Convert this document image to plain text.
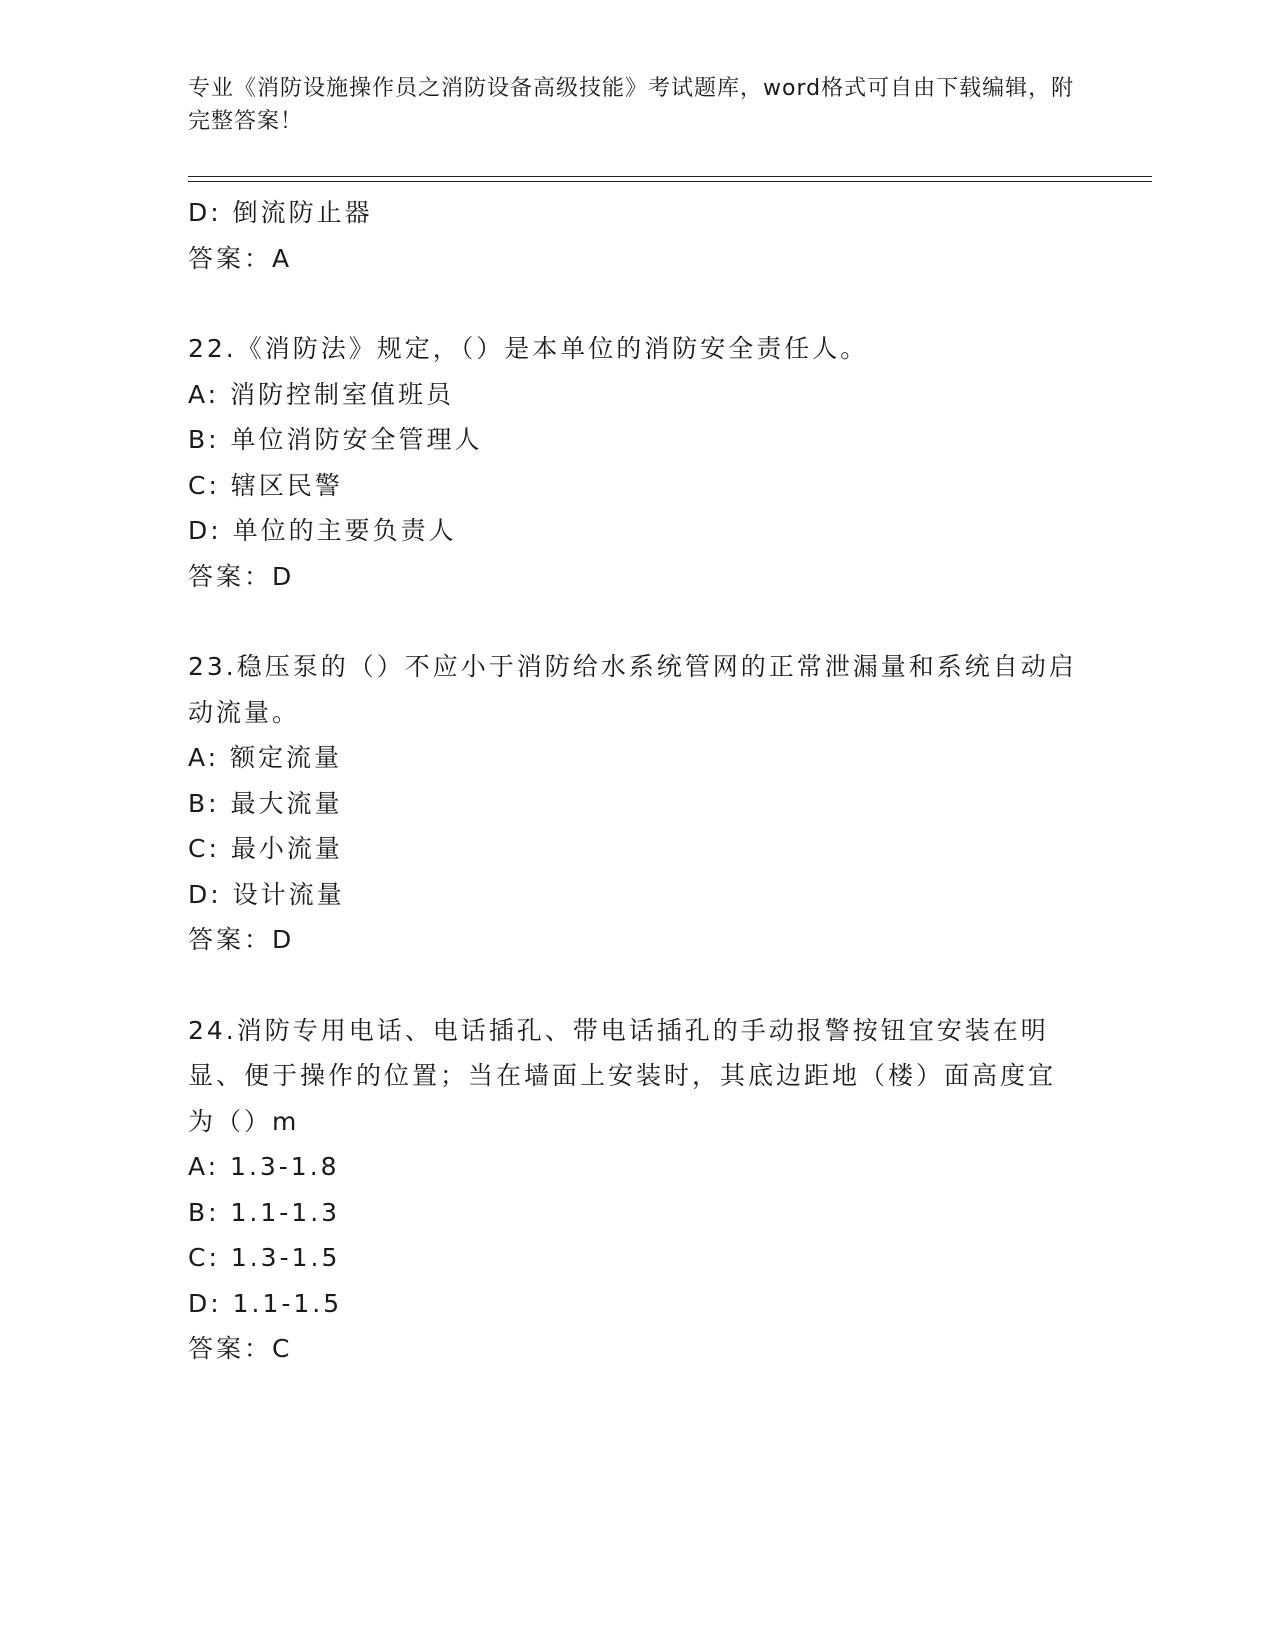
专业《消防设施操作员之消防设备高级技能》考试题库，word格式可自由下载编辑，附完整答案！
D: 倒流防止器
答案：A
22.《消防法》规定，（）是本单位的消防安全责任人。
A: 消防控制室值班员
B: 单位消防安全管理人
C: 辖区民警
D: 单位的主要负责人
答案：D
23.稳压泵的（）不应小于消防给水系统管网的正常泄漏量和系统自动启动流量。
A: 额定流量
B: 最大流量
C: 最小流量
D: 设计流量
答案：D
24.消防专用电话、电话插孔、带电话插孔的手动报警按钮宜安装在明显、便于操作的位置；当在墙面上安装时，其底边距地（楼）面高度宜为（）m
A: 1.3-1.8
B: 1.1-1.3
C: 1.3-1.5
D: 1.1-1.5
答案：C
